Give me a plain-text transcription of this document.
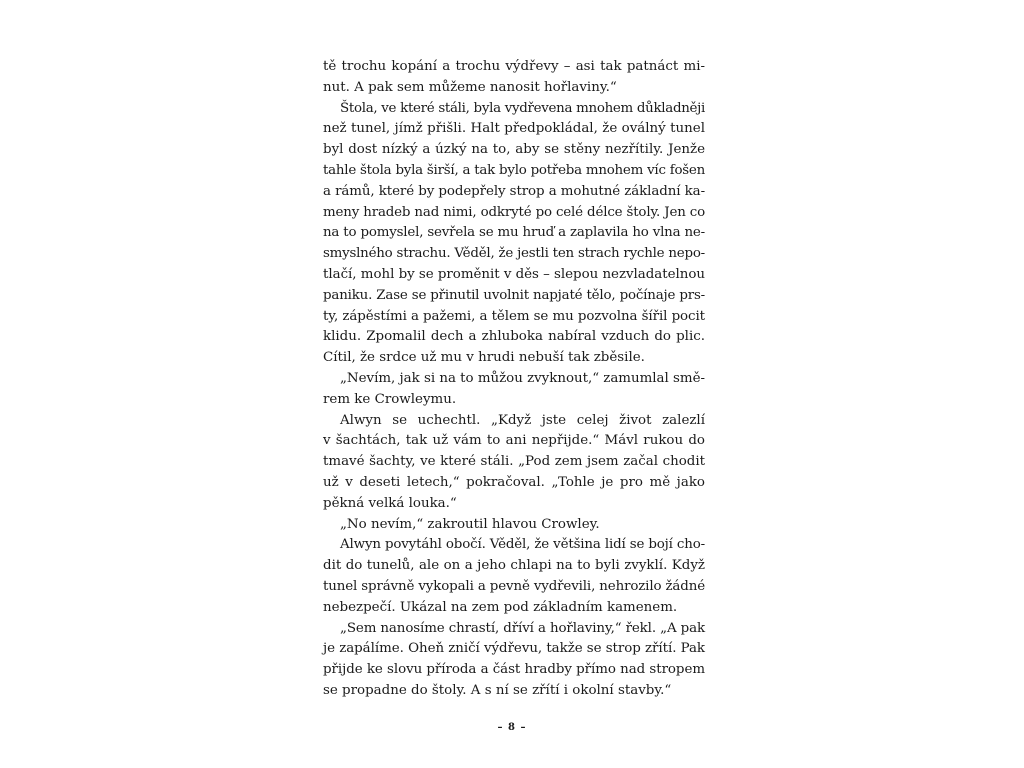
tě trochu kopání a trochu výdřevy – asi tak patnáct mi-
nut. A pak sem můžeme nanosit hořlaviny.“
Štola, ve které stáli, byla vydřevena mnohem důkladněji
než tunel, jímž přišli. Halt předpokládal, že oválný tunel
byl dost nízký a úzký na to, aby se stěny nezřítily. Jenže
tahle štola byla širší, a tak bylo potřeba mnohem víc fošen
a rámů, které by podepřely strop a mohutné základní ka-
meny hradeb nad nimi, odkryté po celé délce štoly. Jen co
na to pomyslel, sevřela se mu hruď a zaplavila ho vlna ne-
smyslného strachu. Věděl, že jestli ten strach rychle nepo-
tlačí, mohl by se proměnit v děs – slepou nezvladatelnou
paniku. Zase se přinutil uvolnit napjaté tělo, počínaje prs-
ty, zápěstími a pažemi, a tělem se mu pozvolna šířil pocit
klidu. Zpomalil dech a zhluboka nabíral vzduch do plic.
Cítil, že srdce už mu v hrudi nebuší tak zběsile.
„Nevím, jak si na to můžou zvyknout,“ zamumlal smě-
rem ke Crowleymu.
Alwyn se uchechtl. „Když jste celej život zalezlí
v šachtách, tak už vám to ani nepřijde.“ Mávl rukou do
tmavé šachty, ve které stáli. „Pod zem jsem začal chodit
už v deseti letech,“ pokračoval. „Tohle je pro mě jako
pěkná velká louka.“
„No nevím,“ zakroutil hlavou Crowley.
Alwyn povytáhl obočí. Věděl, že většina lidí se bojí cho-
dit do tunelů, ale on a jeho chlapi na to byli zvyklí. Když
tunel správně vykopali a pevně vydřevili, nehrozilo žádné
nebezpečí. Ukázal na zem pod základním kamenem.
„Sem nanosíme chrastí, dříví a hořlaviny,“ řekl. „A pak
je zapálíme. Oheň zničí výdřevu, takže se strop zřítí. Pak
přijde ke slovu příroda a část hradby přímo nad stropem
se propadne do štoly. A s ní se zřítí i okolní stavby.“
– 8 –
